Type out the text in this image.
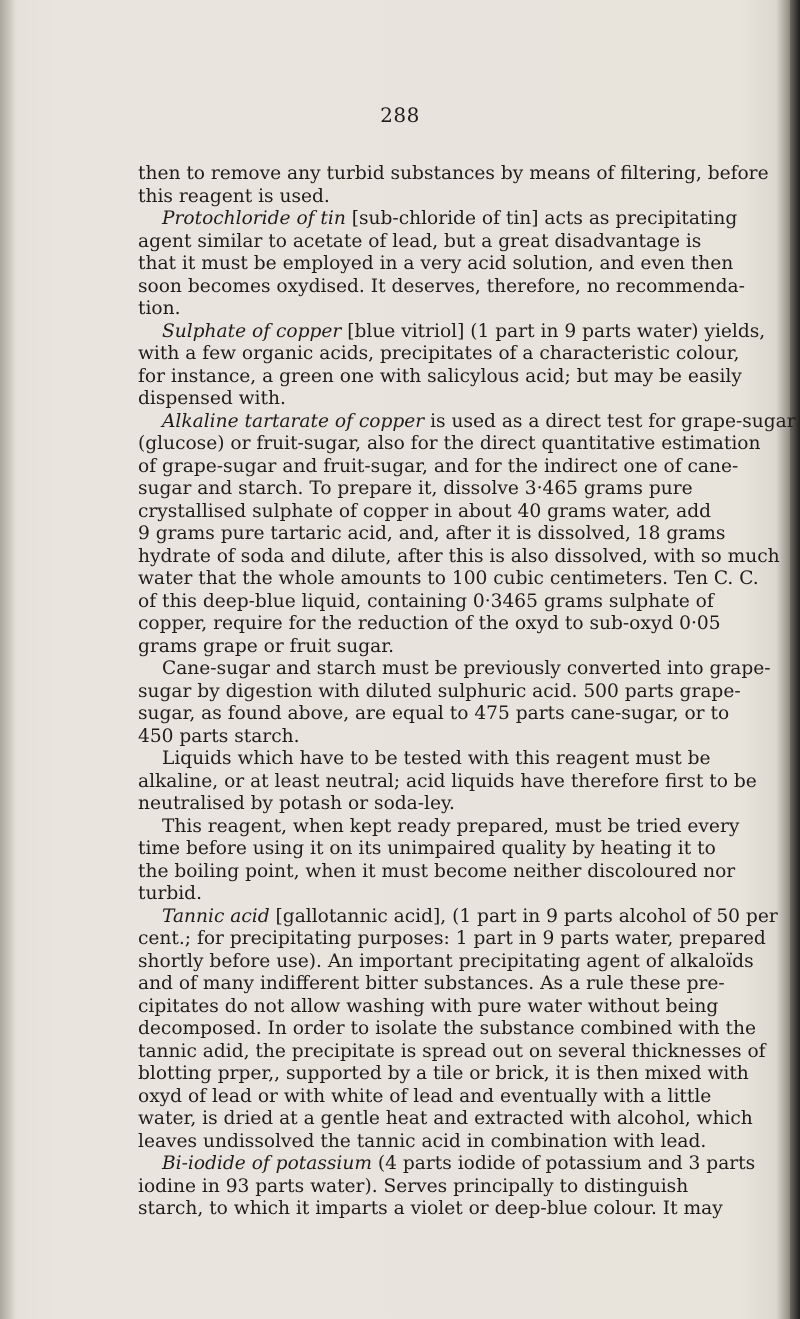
288
then to remove any turbid substances by means of filtering, before
this reagent is used.
Protochloride of tin [sub-chloride of tin] acts as precipitating
agent similar to acetate of lead, but a great disadvantage is
that it must be employed in a very acid solution, and even then
soon becomes oxydised. It deserves, therefore, no recommenda-
tion.
Sulphate of copper [blue vitriol] (1 part in 9 parts water) yields,
with a few organic acids, precipitates of a characteristic colour,
for instance, a green one with salicylous acid; but may be easily
dispensed with.
Alkaline tartarate of copper is used as a direct test for grape-sugar
(glucose) or fruit-sugar, also for the direct quantitative estimation
of grape-sugar and fruit-sugar, and for the indirect one of cane-
sugar and starch. To prepare it, dissolve 3·465 grams pure
crystallised sulphate of copper in about 40 grams water, add
9 grams pure tartaric acid, and, after it is dissolved, 18 grams
hydrate of soda and dilute, after this is also dissolved, with so much
water that the whole amounts to 100 cubic centimeters. Ten C. C.
of this deep-blue liquid, containing 0·3465 grams sulphate of
copper, require for the reduction of the oxyd to sub-oxyd 0·05
grams grape or fruit sugar.
Cane-sugar and starch must be previously converted into grape-
sugar by digestion with diluted sulphuric acid. 500 parts grape-
sugar, as found above, are equal to 475 parts cane-sugar, or to
450 parts starch.
Liquids which have to be tested with this reagent must be
alkaline, or at least neutral; acid liquids have therefore first to be
neutralised by potash or soda-ley.
This reagent, when kept ready prepared, must be tried every
time before using it on its unimpaired quality by heating it to
the boiling point, when it must become neither discoloured nor
turbid.
Tannic acid [gallotannic acid], (1 part in 9 parts alcohol of 50 per
cent.; for precipitating purposes: 1 part in 9 parts water, prepared
shortly before use). An important precipitating agent of alkaloïds
and of many indifferent bitter substances. As a rule these pre-
cipitates do not allow washing with pure water without being
decomposed. In order to isolate the substance combined with the
tannic adid, the precipitate is spread out on several thicknesses of
blotting prper,, supported by a tile or brick, it is then mixed with
oxyd of lead or with white of lead and eventually with a little
water, is dried at a gentle heat and extracted with alcohol, which
leaves undissolved the tannic acid in combination with lead.
Bi-iodide of potassium (4 parts iodide of potassium and 3 parts
iodine in 93 parts water). Serves principally to distinguish
starch, to which it imparts a violet or deep-blue colour. It may
